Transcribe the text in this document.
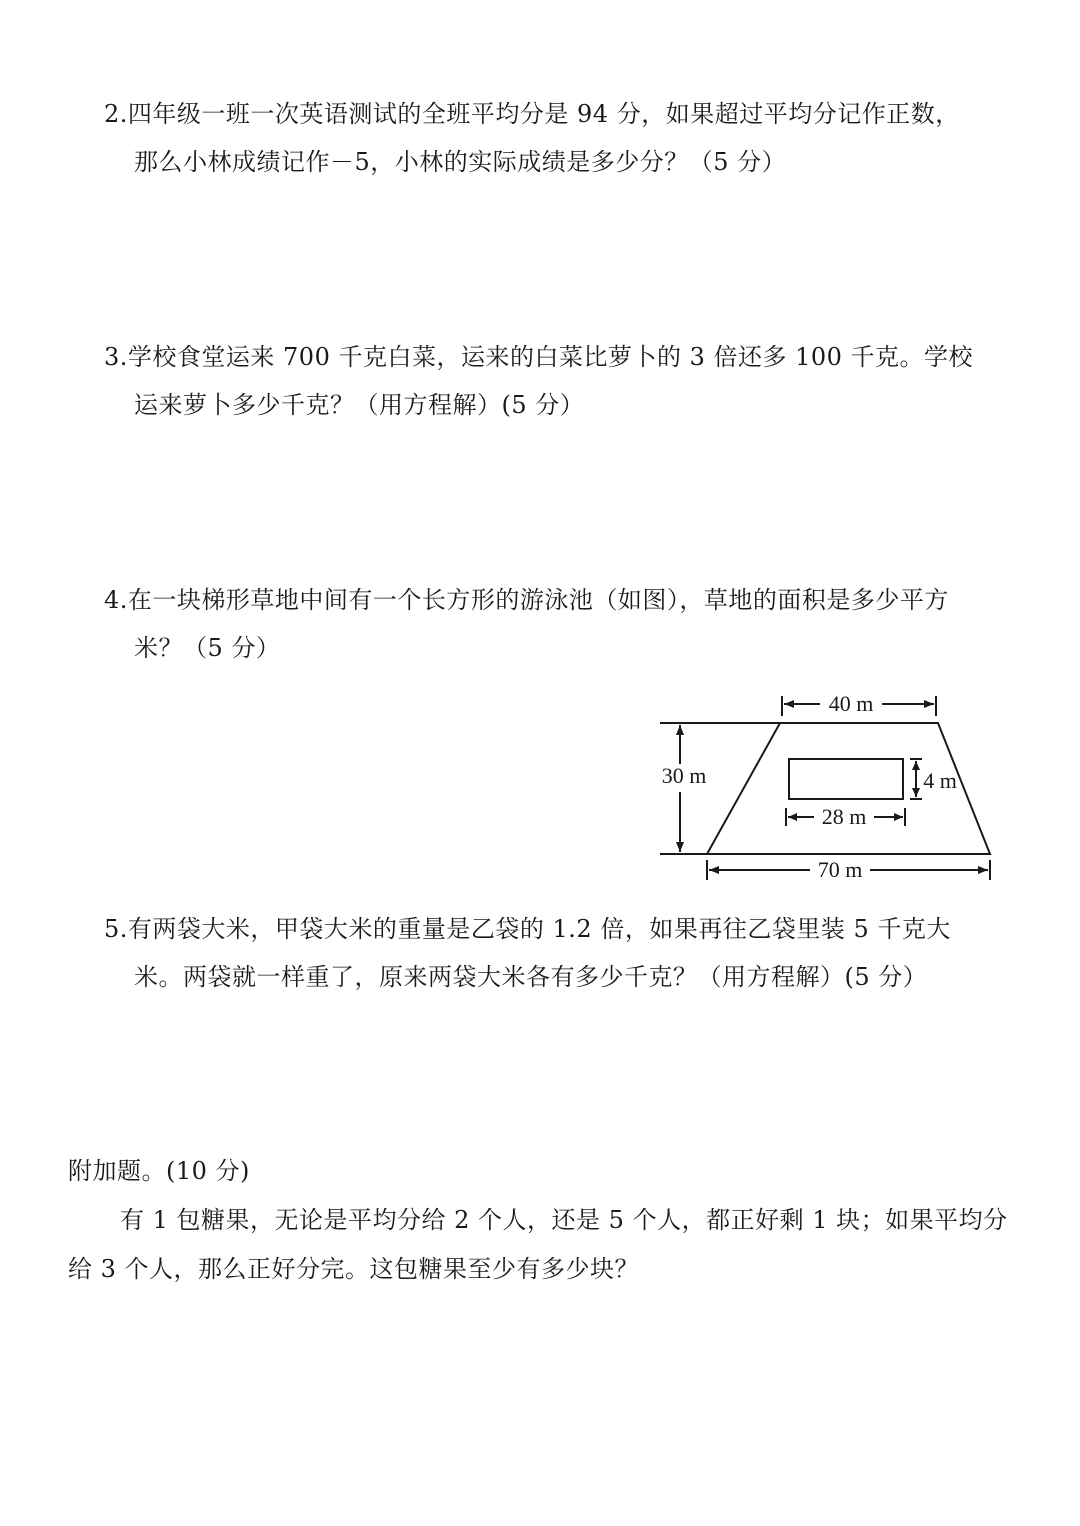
2.四年级一班一次英语测试的全班平均分是 94 分，如果超过平均分记作正数，
那么小林成绩记作－5，小林的实际成绩是多少分？（5 分）
3.学校食堂运来 700 千克白菜，运来的白菜比萝卜的 3 倍还多 100 千克。学校
运来萝卜多少千克？（用方程解）(5 分）
4.在一块梯形草地中间有一个长方形的游泳池（如图），草地的面积是多少平方
米？（5 分）
40 m
30 m	4 m
28 m
70 m
5.有两袋大米，甲袋大米的重量是乙袋的 1.2 倍，如果再往乙袋里装 5 千克大
米。两袋就一样重了，原来两袋大米各有多少千克？（用方程解）(5 分）
附加题。(10 分)
有 1 包糖果，无论是平均分给 2 个人，还是 5 个人，都正好剩 1 块；如果平均分
给 3 个人，那么正好分完。这包糖果至少有多少块？
